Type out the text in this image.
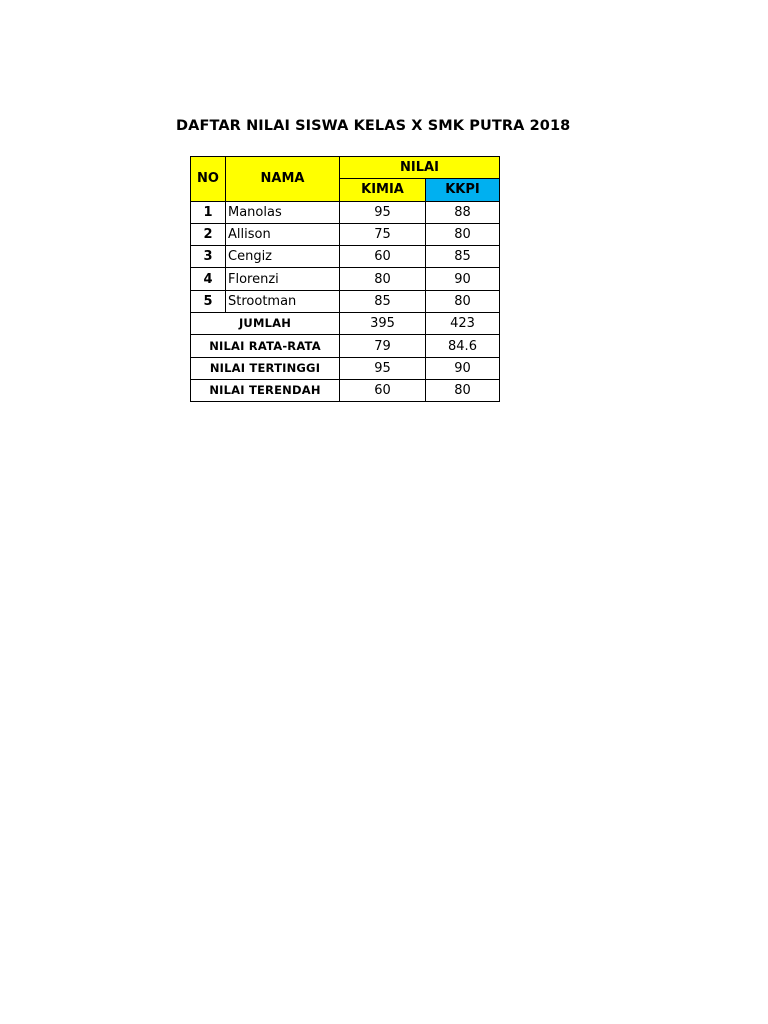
DAFTAR NILAI SISWA KELAS X SMK PUTRA 2018
NO	NAMA	NILAI	
		KIMIA	KKPI
1	Manolas	95	88
2	Allison	75	80
3	Cengiz	60	85
4	Florenzi	80	90
5	Strootman	85	80
JUMLAH		395	423
NILAI RATA-RATA		79	84.6
NILAI TERTINGGI		95	90
NILAI TERENDAH		60	80
